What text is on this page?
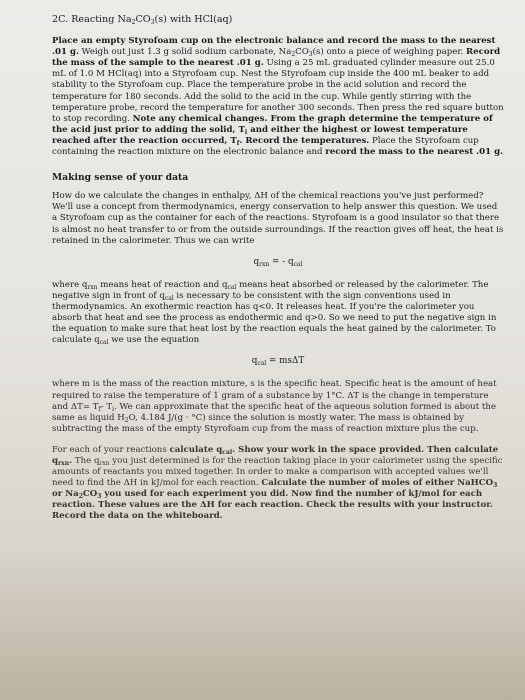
2C. Reacting $Na_2CO_3(s)$ with HCl(aq)

Place an empty Styrofoam cup on the electronic balance and record the mass to the nearest .01 g. Weigh out just 1.3 g solid sodium carbonate, $Na_2CO_3(s)$ onto a piece of weighing paper. Record the mass of the sample to the nearest .01 g. Using a 25 mL graduated cylinder measure out 25.0 mL of 1.0 M HCl(aq) into a Styrofoam cup. Nest the Styrofoam cup inside the 400 mL beaker to add stability to the Styrofoam cup. Place the temperature probe in the acid solution and record the temperature for 180 seconds. Add the solid to the acid in the cup. While gently stirring with the temperature probe, record the temperature for another 300 seconds. Then press the red square button to stop recording. Note any chemical changes. From the graph determine the temperature of the acid just prior to adding the solid, $T_i$ and either the highest or lowest temperature reached after the reaction occurred, $T_f$. Record the temperatures. Place the Styrofoam cup containing the reaction mixture on the electronic balance and record the mass to the nearest .01 g.

Making sense of your data

How do we calculate the changes in enthalpy, ΔH of the chemical reactions you've just performed? We'll use a concept from thermodynamics, energy conservation to help answer this question. We used a Styrofoam cup as the container for each of the reactions. Styrofoam is a good insulator so that there is almost no heat transfer to or from the outside surroundings. If the reaction gives off heat, the heat is retained in the calorimeter. Thus we can write

$q_{rxn}$ = - $q_{cal}$

where $q_{rxn}$ means heat of reaction and $q_{cal}$ means heat absorbed or released by the calorimeter. The negative sign in front of $q_{cal}$ is necessary to be consistent with the sign conventions used in thermodynamics. An exothermic reaction has q<0. It releases heat. If you're the calorimeter you absorb that heat and see the process as endothermic and q>0. So we need to put the negative sign in the equation to make sure that heat lost by the reaction equals the heat gained by the calorimeter. To calculate $q_{cal}$ we use the equation

$q_{cal} = ms\Delta T$

where m is the mass of the reaction mixture, s is the specific heat. Specific heat is the amount of heat required to raise the temperature of 1 gram of a substance by 1°C. ΔT is the change in temperature and $\Delta T= T_f-$ $T_i$. We can approximate that the specific heat of the aqueous solution formed is about the same as liquid $H_2O$, 4.184 J/(g · °C) since the solution is mostly water. The mass is obtained by subtracting the mass of the empty Styrofoam cup from the mass of reaction mixture plus the cup.

For each of your reactions calculate $q_{cal}$. Show your work in the space provided. Then calculate $q_{rxn}$. The $q_{rxn}$ you just determined is for the reaction taking place in your calorimeter using the specific amounts of reactants you mixed together. In order to make a comparison with accepted values we'll need to find the ΔH in kJ/mol for each reaction. Calculate the number of moles of either NaHCO$_3$ or $Na_2CO_3$ you used for each experiment you did. Now find the number of kJ/mol for each reaction. These values are the ΔH for each reaction. Check the results with your instructor. Record the data on the whiteboard.
